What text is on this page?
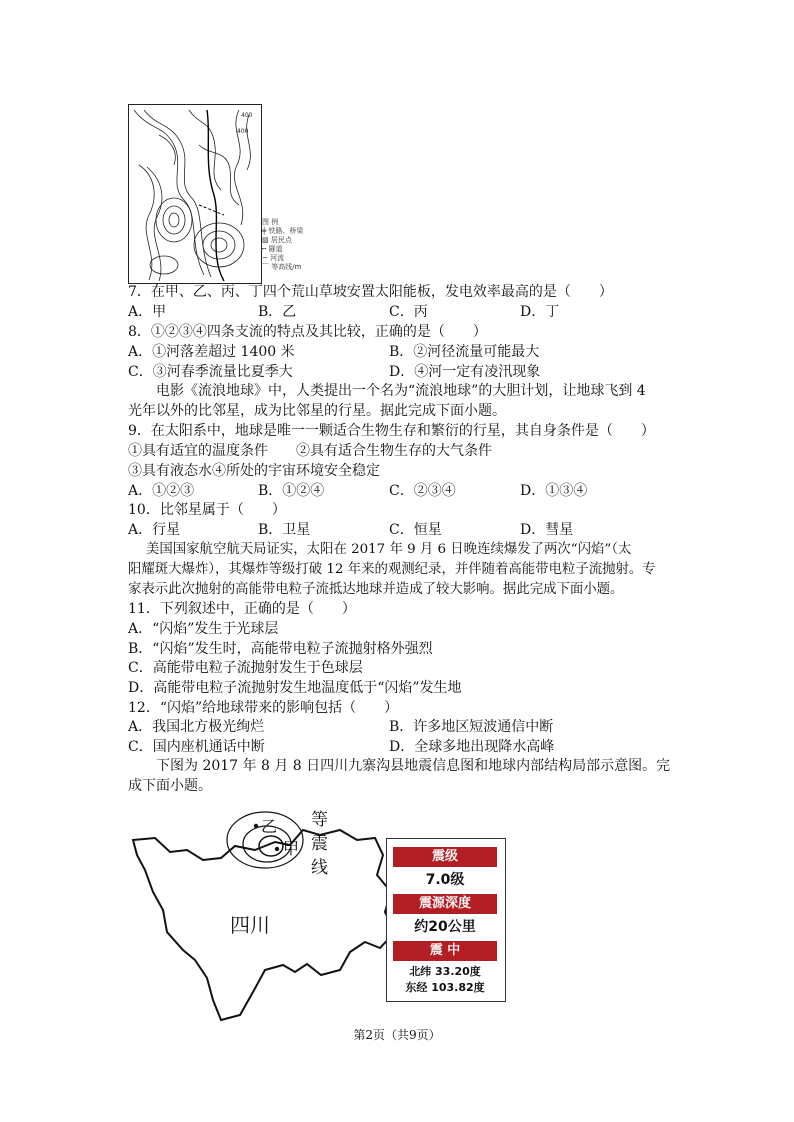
400
400
图 例
╪ 铁路、桥梁
▨ 居民点
┅ 隧道
~ 河流
⌒ 等高线/m
7．在甲、乙、丙、丁四个荒山草坡安置太阳能板，发电效率最高的是（　　）
A．甲	B．乙	C．丙	D．丁
8．①②③④四条支流的特点及其比较，正确的是（　　）
A．①河落差超过 1400 米	B．②河径流量可能最大
C．③河春季流量比夏季大	D．④河一定有凌汛现象
电影《流浪地球》中，人类提出一个名为“流浪地球”的大胆计划，让地球飞到 4
光年以外的比邻星，成为比邻星的行星。据此完成下面小题。
9．在太阳系中，地球是唯一一颗适合生物生存和繁衍的行星，其自身条件是（　　）
①具有适宜的温度条件　　②具有适合生物生存的大气条件
③具有液态水④所处的宇宙环境安全稳定
A．①②③	B．①②④	C．②③④	D．①③④
10．比邻星属于（　　）
A．行星	B．卫星	C．恒星	D．彗星
美国国家航空航天局证实，太阳在 2017 年 9 月 6 日晚连续爆发了两次“闪焰”（太
阳耀斑大爆炸），其爆炸等级打破 12 年来的观测纪录，并伴随着高能带电粒子流抛射。专
家表示此次抛射的高能带电粒子流抵达地球并造成了较大影响。据此完成下面小题。
11．下列叙述中，正确的是（　　）
A．“闪焰”发生于光球层
B．“闪焰”发生时，高能带电粒子流抛射格外强烈
C．高能带电粒子流抛射发生于色球层
D．高能带电粒子流抛射发生地温度低于“闪焰”发生地
12．“闪焰”给地球带来的影响包括（　　）
A．我国北方极光绚烂	B．许多地区短波通信中断
C．国内座机通话中断	D．全球多地出现降水高峰
下图为 2017 年 8 月 8 日四川九寨沟县地震信息图和地球内部结构局部示意图。完
成下面小题。
乙
甲
四川
等震线
震级
7.0级
震源深度
约20公里
震 中
北纬 33.20度
东经 103.82度
第2页（共9页）
